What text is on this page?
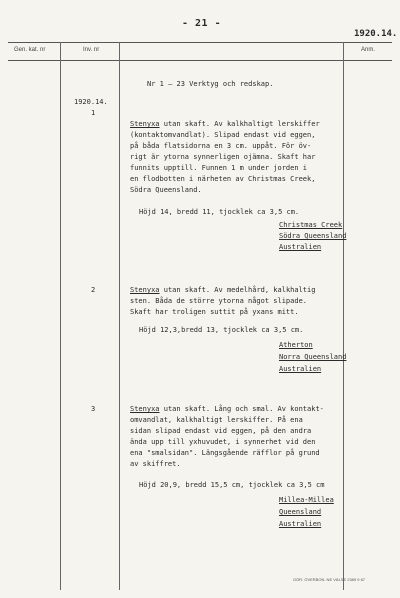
- 21 -
1920.14.
Gen. kat. nr	Inv. nr	Anm.
Nr 1 – 23 Verktyg och redskap.
1920.14.
1
Stenyxa utan skaft. Av kalkhaltigt lerskiffer
(kontaktomvandlat). Slipad endast vid eggen,
på båda flatsidorna en 3 cm. uppåt. För öv-
rigt är ytorna synnerligen ojämna. Skaft har
funnits upptill. Funnen 1 m under jorden i
en flodbotten i närheten av Christmas Creek,
Södra Queensland.
Höjd 14, bredd 11, tjocklek ca 3,5 cm.
Christmas Creek
Södra Queensland
Australien
2	Stenyxa utan skaft. Av medelhård, kalkhaltig
sten. Båda de större ytorna något slipade.
Skaft har troligen suttit på yxans mitt.
Höjd 12,3,bredd 13, tjocklek ca 3,5 cm.
Atherton
Norra Queensland
Australien
3	Stenyxa utan skaft. Lång och smal. Av kontakt-
omvandlat, kalkhaltigt lerskiffer. På ena
sidan slipad endast vid eggen, på den andra
ända upp till yxhuvudet, i synnerhet vid den
ena "smalsidan". Längsgående räfflor på grund
av skiffret.
Höjd 20,9, bredd 15,5 cm, tjocklek ca 3,5 cm
Millea-Millea
Queensland
Australien
GÖR. ÖVERBON. NE VÄLSE 2389 9 67
